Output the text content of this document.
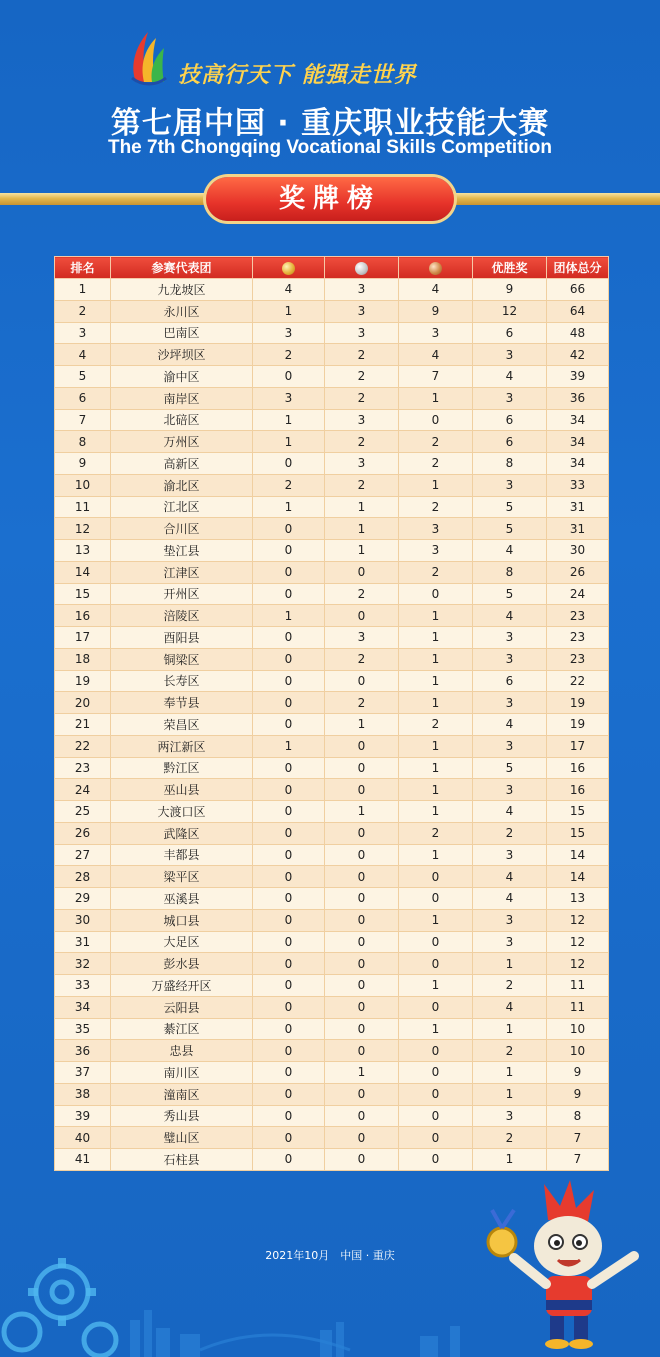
技高行天下 能强走世界
第七届中国 · 重庆职业技能大赛
The 7th Chongqing Vocational Skills Competition
奖牌榜
排名	参赛代表团				优胜奖	团体总分
1	九龙坡区	4	3	4	9	66
2	永川区	1	3	9	12	64
3	巴南区	3	3	3	6	48
4	沙坪坝区	2	2	4	3	42
5	渝中区	0	2	7	4	39
6	南岸区	3	2	1	3	36
7	北碚区	1	3	0	6	34
8	万州区	1	2	2	6	34
9	高新区	0	3	2	8	34
10	渝北区	2	2	1	3	33
11	江北区	1	1	2	5	31
12	合川区	0	1	3	5	31
13	垫江县	0	1	3	4	30
14	江津区	0	0	2	8	26
15	开州区	0	2	0	5	24
16	涪陵区	1	0	1	4	23
17	酉阳县	0	3	1	3	23
18	铜梁区	0	2	1	3	23
19	长寿区	0	0	1	6	22
20	奉节县	0	2	1	3	19
21	荣昌区	0	1	2	4	19
22	两江新区	1	0	1	3	17
23	黔江区	0	0	1	5	16
24	巫山县	0	0	1	3	16
25	大渡口区	0	1	1	4	15
26	武隆区	0	0	2	2	15
27	丰都县	0	0	1	3	14
28	梁平区	0	0	0	4	14
29	巫溪县	0	0	0	4	13
30	城口县	0	0	1	3	12
31	大足区	0	0	0	3	12
32	彭水县	0	0	0	1	12
33	万盛经开区	0	0	1	2	11
34	云阳县	0	0	0	4	11
35	綦江区	0	0	1	1	10
36	忠县	0	0	0	2	10
37	南川区	0	1	0	1	9
38	潼南区	0	0	0	1	9
39	秀山县	0	0	0	3	8
40	璧山区	0	0	0	2	7
41	石柱县	0	0	0	1	7
2021年10月　中国 · 重庆
